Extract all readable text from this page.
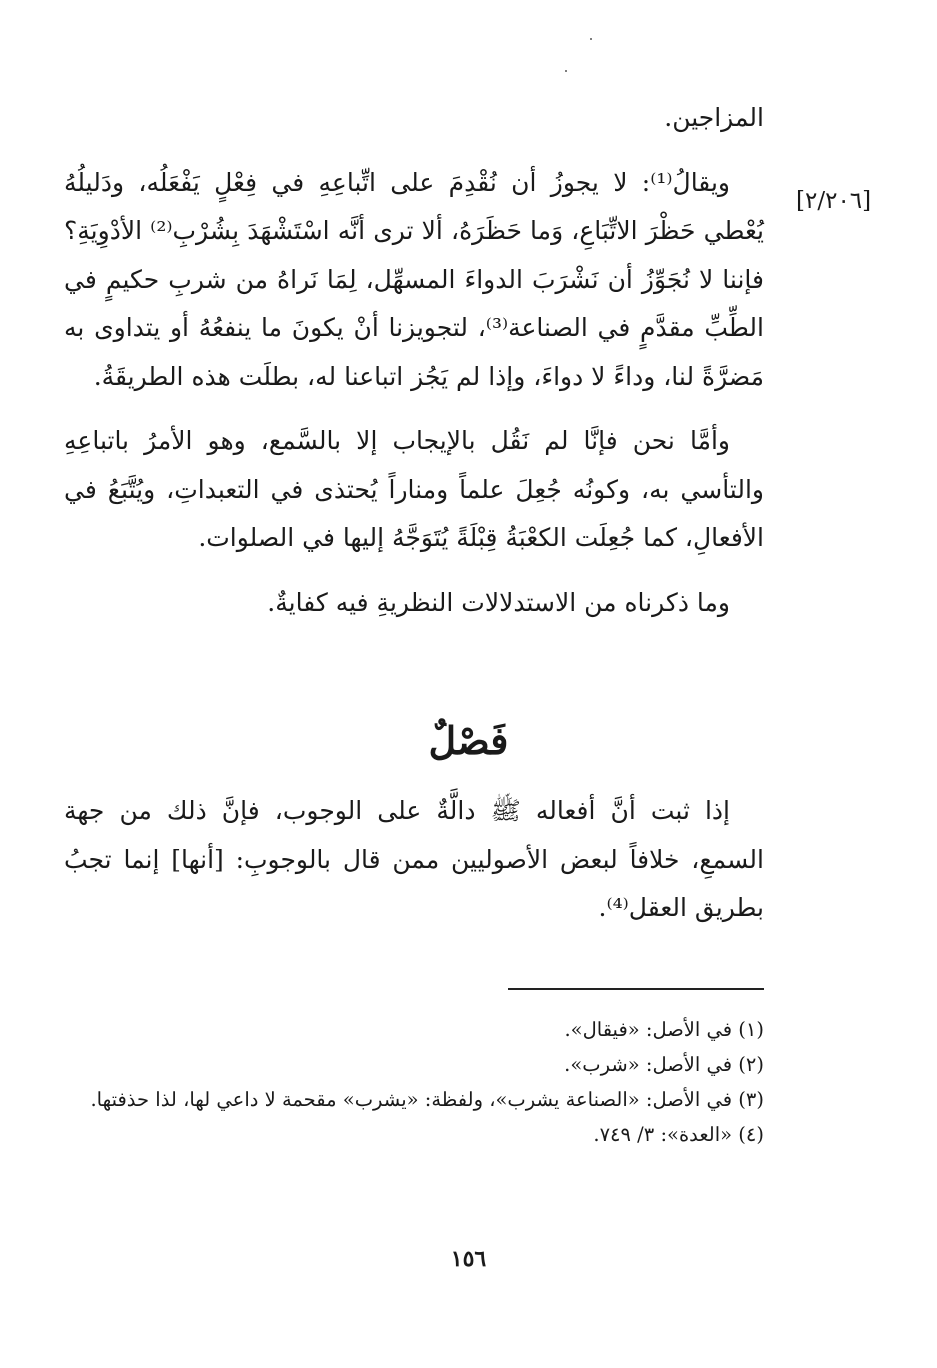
المزاجين.

ويقالُ⁽¹⁾: لا يجوزُ أن نُقْدِمَ على اتِّباعِهِ في فِعْلٍ يَفْعَلُه، ودَليلُهُ يُعْطي حَظْرَ الاتِّبَاعِ، وَما حَظَرَهُ، ألا ترى أنَّه اسْتَشْهَدَ بِشُرْبِ⁽²⁾ الأدْوِيَةِ؟ فإننا لا نُجَوِّزُ أن نَشْرَبَ الدواءَ المسهِّل، لِمَا نَراهُ من شربِ حكيمٍ في الطِّبِّ مقدَّمٍ في الصناعة⁽³⁾، لتجويزنا أنْ يكونَ ما ينفعُهُ أو يتداوى به مَضرَّةً لنا، وداءً لا دواءَ، وإذا لم يَجُز اتباعنا له، بطلَت هذه الطريقَةُ.

وأمَّا نحن فإنَّا لم نَقُل بالإيجاب إلا بالسَّمع، وهو الأمرُ باتباعِهِ والتأسي به، وكونُه جُعِلَ علماً ومناراً يُحتذى في التعبداتِ، ويُتَّبَعُ في الأفعالِ، كما جُعِلَت الكعْبَةُ قِبْلَةً يُتَوَجَّهُ إليها في الصلوات.

وما ذكرناه من الاستدلالات النظريةِ فيه كفايةٌ.

[٢/٢٠٦]
فَصْلٌ

إذا ثبت أنَّ أفعاله ﷺ دالَّةٌ على الوجوب، فإنَّ ذلك من جهة السمعِ، خلافاً لبعض الأصوليين ممن قال بالوجوبِ: [أنها] إنما تجبُ بطريق العقل⁽⁴⁾.

(١) في الأصل: «فيقال».

(٢) في الأصل: «شرب».

(٣) في الأصل: «الصناعة يشرب»، ولفظة: «يشرب» مقحمة لا داعي لها، لذا حذفتها.

(٤) «العدة»: ٣/ ٧٤٩.

١٥٦
